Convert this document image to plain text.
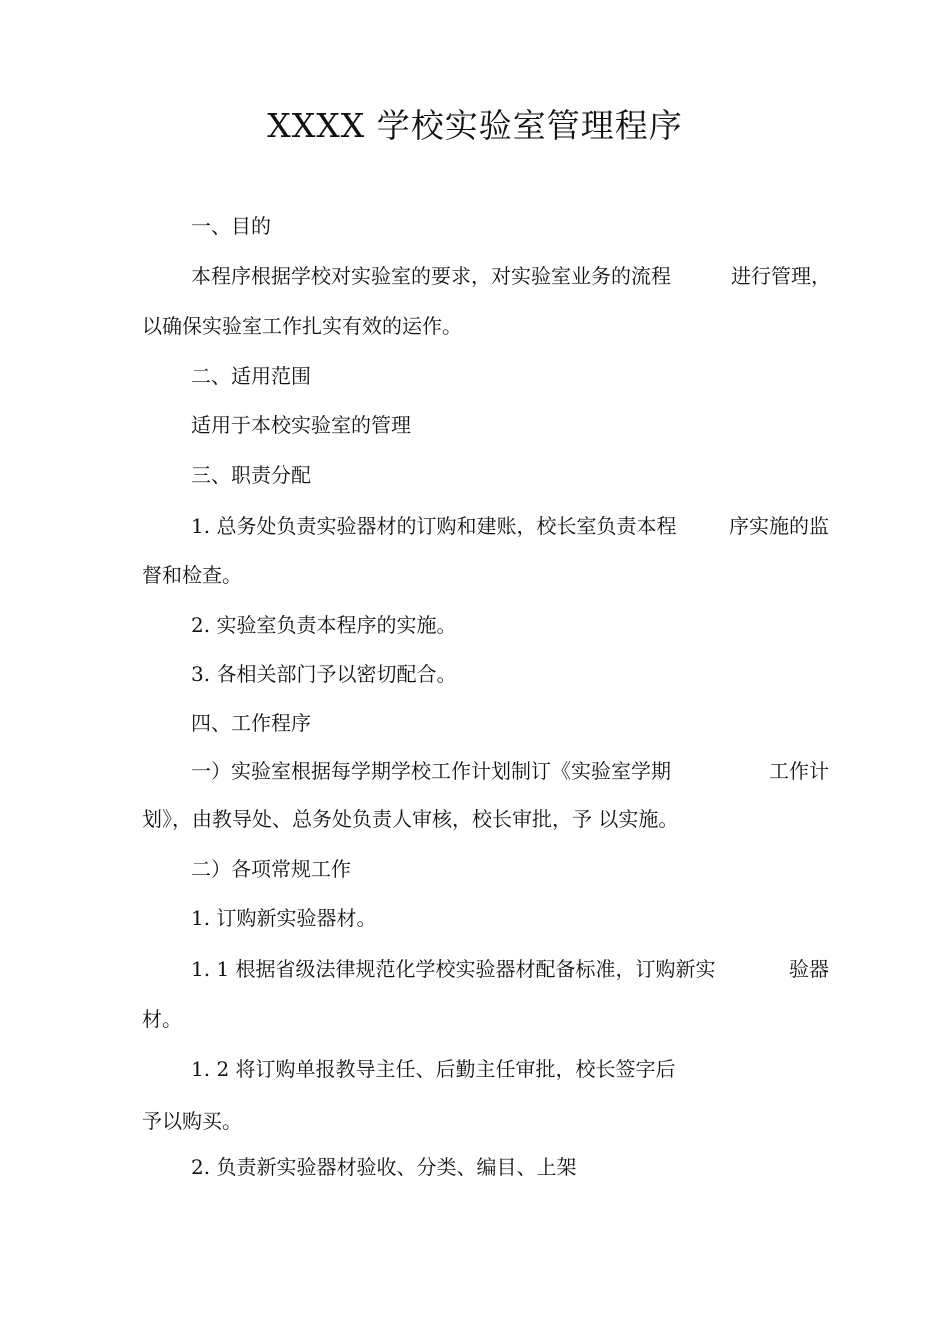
XXXX 学校实验室管理程序
一、目的
本程序根据学校对实验室的要求，对实验室业务的流程	进行管理，
以确保实验室工作扎实有效的运作。
二、适用范围
适用于本校实验室的管理
三、职责分配
1. 总务处负责实验器材的订购和建账，校长室负责本程	序实施的监
督和检查。
2. 实验室负责本程序的实施。
3. 各相关部门予以密切配合。
四、工作程序
一）实验室根据每学期学校工作计划制订《实验室学期	工作计
划》，由教导处、总务处负责人审核，校长审批，予 以实施。
二）各项常规工作
1. 订购新实验器材。
1. 1 根据省级法律规范化学校实验器材配备标准，订购新实	验器
材。
1. 2 将订购单报教导主任、后勤主任审批，校长签字后
予以购买。
2. 负责新实验器材验收、分类、编目、上架
